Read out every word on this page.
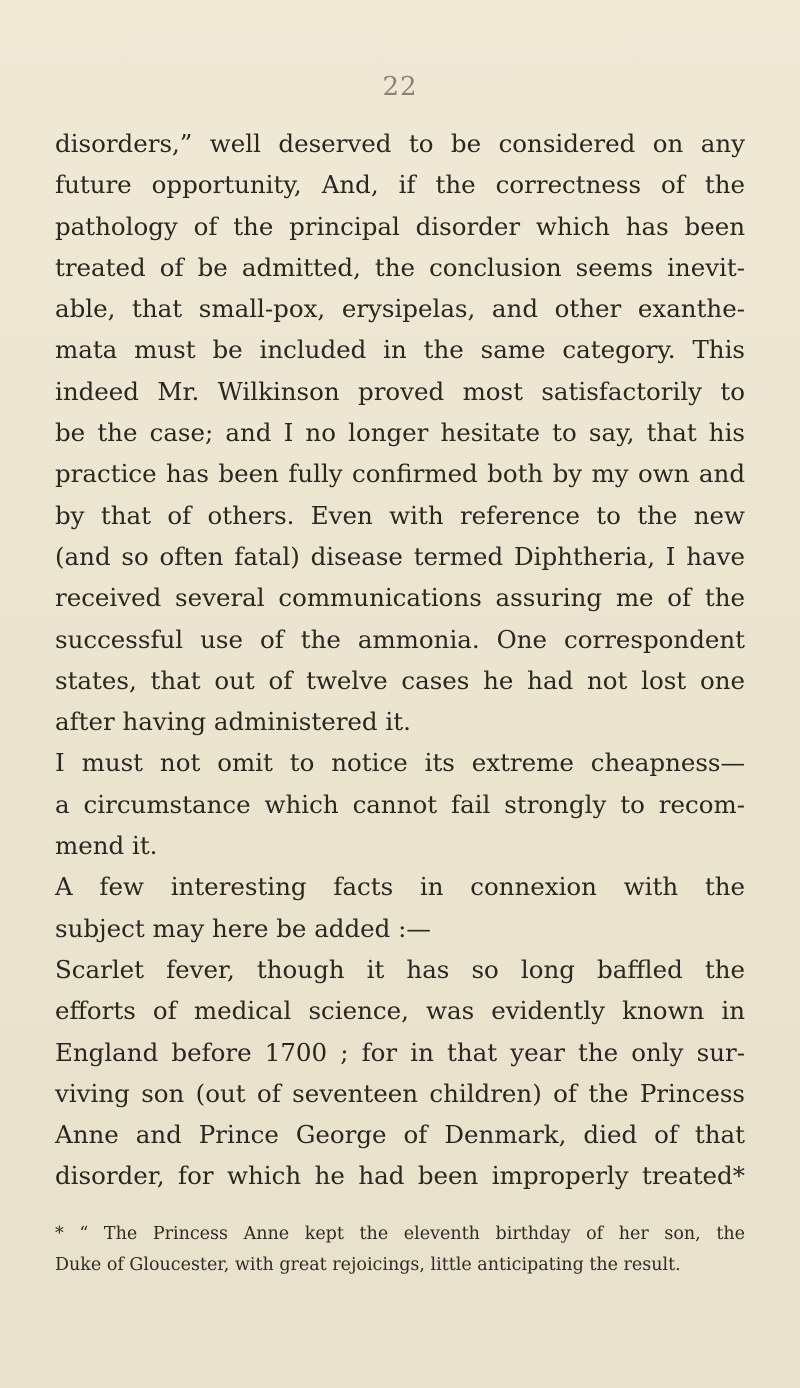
22
disorders,” well deserved to be considered on any
future opportunity, And, if the correctness of the
pathology of the principal disorder which has been
treated of be admitted, the conclusion seems inevit-
able, that small-pox, erysipelas, and other exanthe-
mata must be included in the same category. This
indeed Mr. Wilkinson proved most satisfactorily to
be the case; and I no longer hesitate to say, that his
practice has been fully confirmed both by my own and
by that of others. Even with reference to the new
(and so often fatal) disease termed Diphtheria, I have
received several communications assuring me of the
successful use of the ammonia. One correspondent
states, that out of twelve cases he had not lost one
after having administered it.
I must not omit to notice its extreme cheapness—
a circumstance which cannot fail strongly to recom-
mend it.
A few interesting facts in connexion with the
subject may here be added :—
Scarlet fever, though it has so long baffled the
efforts of medical science, was evidently known in
England before 1700 ; for in that year the only sur-
viving son (out of seventeen children) of the Princess
Anne and Prince George of Denmark, died of that
disorder, for which he had been improperly treated*
* “ The Princess Anne kept the eleventh birthday of her son, the
Duke of Gloucester, with great rejoicings, little anticipating the result.
